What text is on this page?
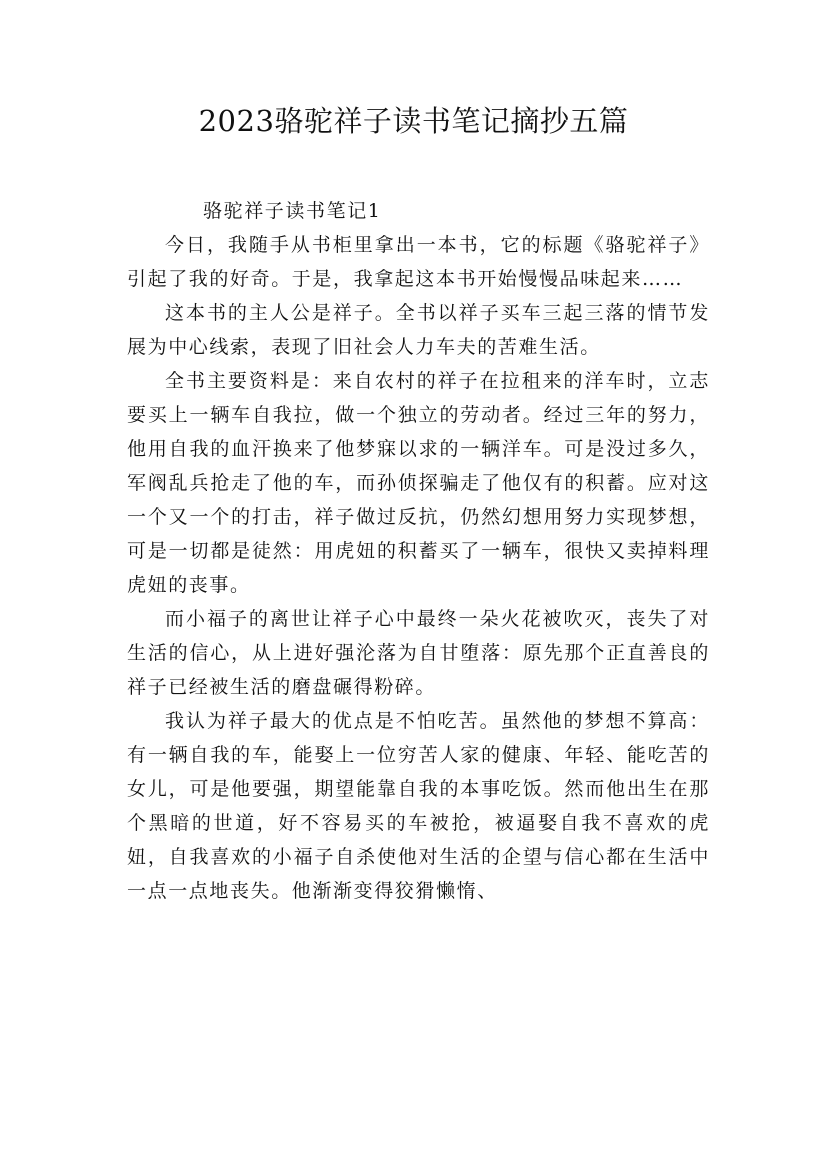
2023骆驼祥子读书笔记摘抄五篇

骆驼祥子读书笔记1

今日，我随手从书柜里拿出一本书，它的标题《骆驼祥子》引起了我的好奇。于是，我拿起这本书开始慢慢品味起来……

这本书的主人公是祥子。全书以祥子买车三起三落的情节发展为中心线索，表现了旧社会人力车夫的苦难生活。

全书主要资料是：来自农村的祥子在拉租来的洋车时，立志要买上一辆车自我拉，做一个独立的劳动者。经过三年的努力，他用自我的血汗换来了他梦寐以求的一辆洋车。可是没过多久，军阀乱兵抢走了他的车，而孙侦探骗走了他仅有的积蓄。应对这一个又一个的打击，祥子做过反抗，仍然幻想用努力实现梦想，可是一切都是徒然：用虎妞的积蓄买了一辆车，很快又卖掉料理虎妞的丧事。

而小福子的离世让祥子心中最终一朵火花被吹灭，丧失了对生活的信心，从上进好强沦落为自甘堕落：原先那个正直善良的祥子已经被生活的磨盘碾得粉碎。

我认为祥子最大的优点是不怕吃苦。虽然他的梦想不算高：有一辆自我的车，能娶上一位穷苦人家的健康、年轻、能吃苦的女儿，可是他要强，期望能靠自我的本事吃饭。然而他出生在那个黑暗的世道，好不容易买的车被抢，被逼娶自我不喜欢的虎妞，自我喜欢的小福子自杀使他对生活的企望与信心都在生活中一点一点地丧失。他渐渐变得狡猾懒惰、
